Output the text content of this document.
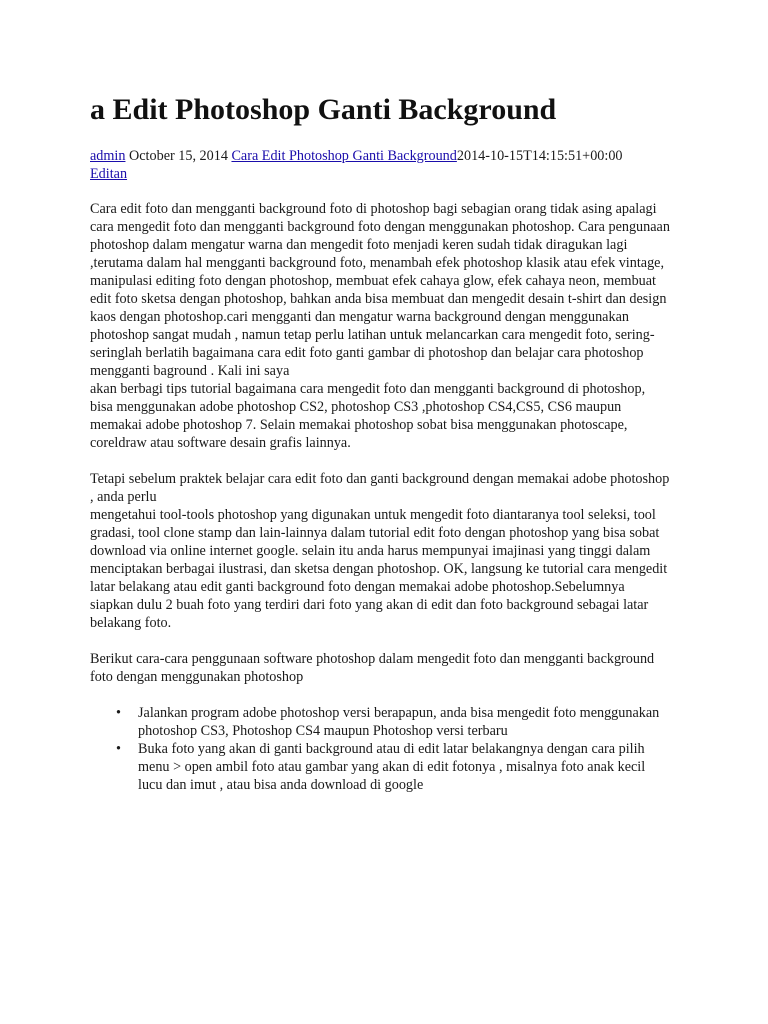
a Edit Photoshop Ganti Background
admin October 15, 2014 Cara Edit Photoshop Ganti Background2014-10-15T14:15:51+00:00
Editan

Cara edit foto dan mengganti background foto di photoshop bagi sebagian orang tidak asing apalagi cara mengedit foto dan mengganti background foto dengan menggunakan photoshop. Cara pengunaan photoshop dalam mengatur warna dan mengedit foto menjadi keren sudah tidak diragukan lagi ,terutama dalam hal mengganti background foto, menambah efek photoshop klasik atau efek vintage, manipulasi editing foto dengan photoshop, membuat efek cahaya glow, efek cahaya neon, membuat edit foto sketsa dengan photoshop, bahkan anda bisa membuat dan mengedit desain t-shirt dan design kaos dengan photoshop.cari mengganti dan mengatur warna background dengan menggunakan photoshop sangat mudah , namun tetap perlu latihan untuk melancarkan cara mengedit foto, sering-seringlah berlatih bagaimana cara edit foto ganti gambar di photoshop dan belajar cara photoshop mengganti baground . Kali ini saya
akan berbagi tips tutorial bagaimana cara mengedit foto dan mengganti background di photoshop, bisa menggunakan adobe photoshop CS2, photoshop CS3 ,photoshop CS4,CS5, CS6 maupun memakai adobe photoshop 7. Selain memakai photoshop sobat bisa menggunakan photoscape, coreldraw atau software desain grafis lainnya.

Tetapi sebelum praktek belajar cara edit foto dan ganti background dengan memakai adobe photoshop , anda perlu
mengetahui tool-tools photoshop yang digunakan untuk mengedit foto diantaranya tool seleksi, tool gradasi, tool clone stamp dan lain-lainnya dalam tutorial edit foto dengan photoshop yang bisa sobat download via online internet google. selain itu anda harus mempunyai imajinasi yang tinggi dalam menciptakan berbagai ilustrasi, dan sketsa dengan photoshop. OK, langsung ke tutorial cara mengedit latar belakang atau edit ganti background foto dengan memakai adobe photoshop.Sebelumnya siapkan dulu 2 buah foto yang terdiri dari foto yang akan di edit dan foto background sebagai latar belakang foto.

Berikut cara-cara penggunaan software photoshop dalam mengedit foto dan mengganti background foto dengan menggunakan photoshop

• Jalankan program adobe photoshop versi berapapun, anda bisa mengedit foto menggunakan photoshop CS3, Photoshop CS4 maupun Photoshop versi terbaru
• Buka foto yang akan di ganti background atau di edit latar belakangnya dengan cara pilih menu > open ambil foto atau gambar yang akan di edit fotonya , misalnya foto anak kecil lucu dan imut , atau bisa anda download di google
